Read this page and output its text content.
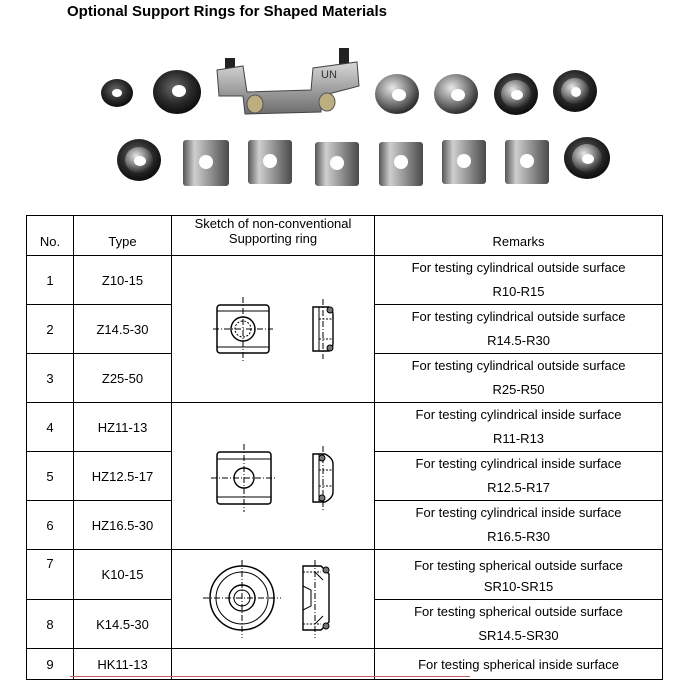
Optional Support Rings for Shaped Materials
UN
No.	Type	Sketch of non-conventional
Supporting ring	Remarks
1	Z10-15		For testing cylindrical outside surface
R10-R15

2	Z14.5-30		For testing cylindrical outside surface
R14.5-R30

3	Z25-50		For testing cylindrical outside surface
R25-R50

4	HZ11-13		For testing cylindrical inside surface
R11-R13

5	HZ12.5-17		For testing cylindrical inside surface
R12.5-R17

6	HZ16.5-30		For testing cylindrical inside surface
R16.5-R30

7	K10-15		For testing spherical outside surface
SR10-SR15

8	K14.5-30		For testing spherical outside surface
SR14.5-SR30

9	HK11-13		For testing spherical inside surface
